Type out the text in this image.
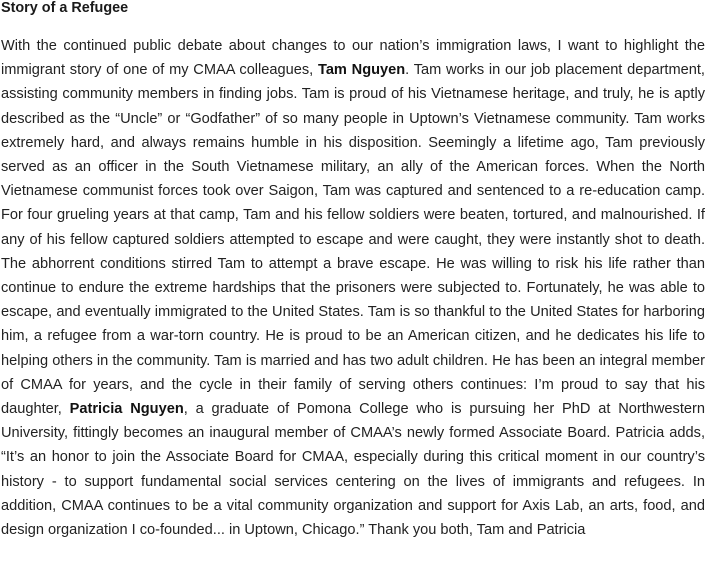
Story of a Refugee

With the continued public debate about changes to our nation’s immigration laws, I want to highlight the immigrant story of one of my CMAA colleagues, Tam Nguyen. Tam works in our job placement department, assisting community members in finding jobs. Tam is proud of his Vietnamese heritage, and truly, he is aptly described as the “Uncle” or “Godfather” of so many people in Uptown’s Vietnamese community. Tam works extremely hard, and always remains humble in his disposition. Seemingly a lifetime ago, Tam previously served as an officer in the South Vietnamese military, an ally of the American forces. When the North Vietnamese communist forces took over Saigon, Tam was captured and sentenced to a re-education camp. For four grueling years at that camp, Tam and his fellow soldiers were beaten, tortured, and malnourished. If any of his fellow captured soldiers attempted to escape and were caught, they were instantly shot to death. The abhorrent conditions stirred Tam to attempt a brave escape. He was willing to risk his life rather than continue to endure the extreme hardships that the prisoners were subjected to. Fortunately, he was able to escape, and eventually immigrated to the United States. Tam is so thankful to the United States for harboring him, a refugee from a war-torn country. He is proud to be an American citizen, and he dedicates his life to helping others in the community. Tam is married and has two adult children. He has been an integral member of CMAA for years, and the cycle in their family of serving others continues: I’m proud to say that his daughter, Patricia Nguyen, a graduate of Pomona College who is pursuing her PhD at Northwestern University, fittingly becomes an inaugural member of CMAA’s newly formed Associate Board. Patricia adds, “It’s an honor to join the Associate Board for CMAA, especially during this critical moment in our country’s history - to support fundamental social services centering on the lives of immigrants and refugees. In addition, CMAA continues to be a vital community organization and support for Axis Lab, an arts, food, and design organization I co-founded... in Uptown, Chicago.” Thank you both, Tam and Patricia
